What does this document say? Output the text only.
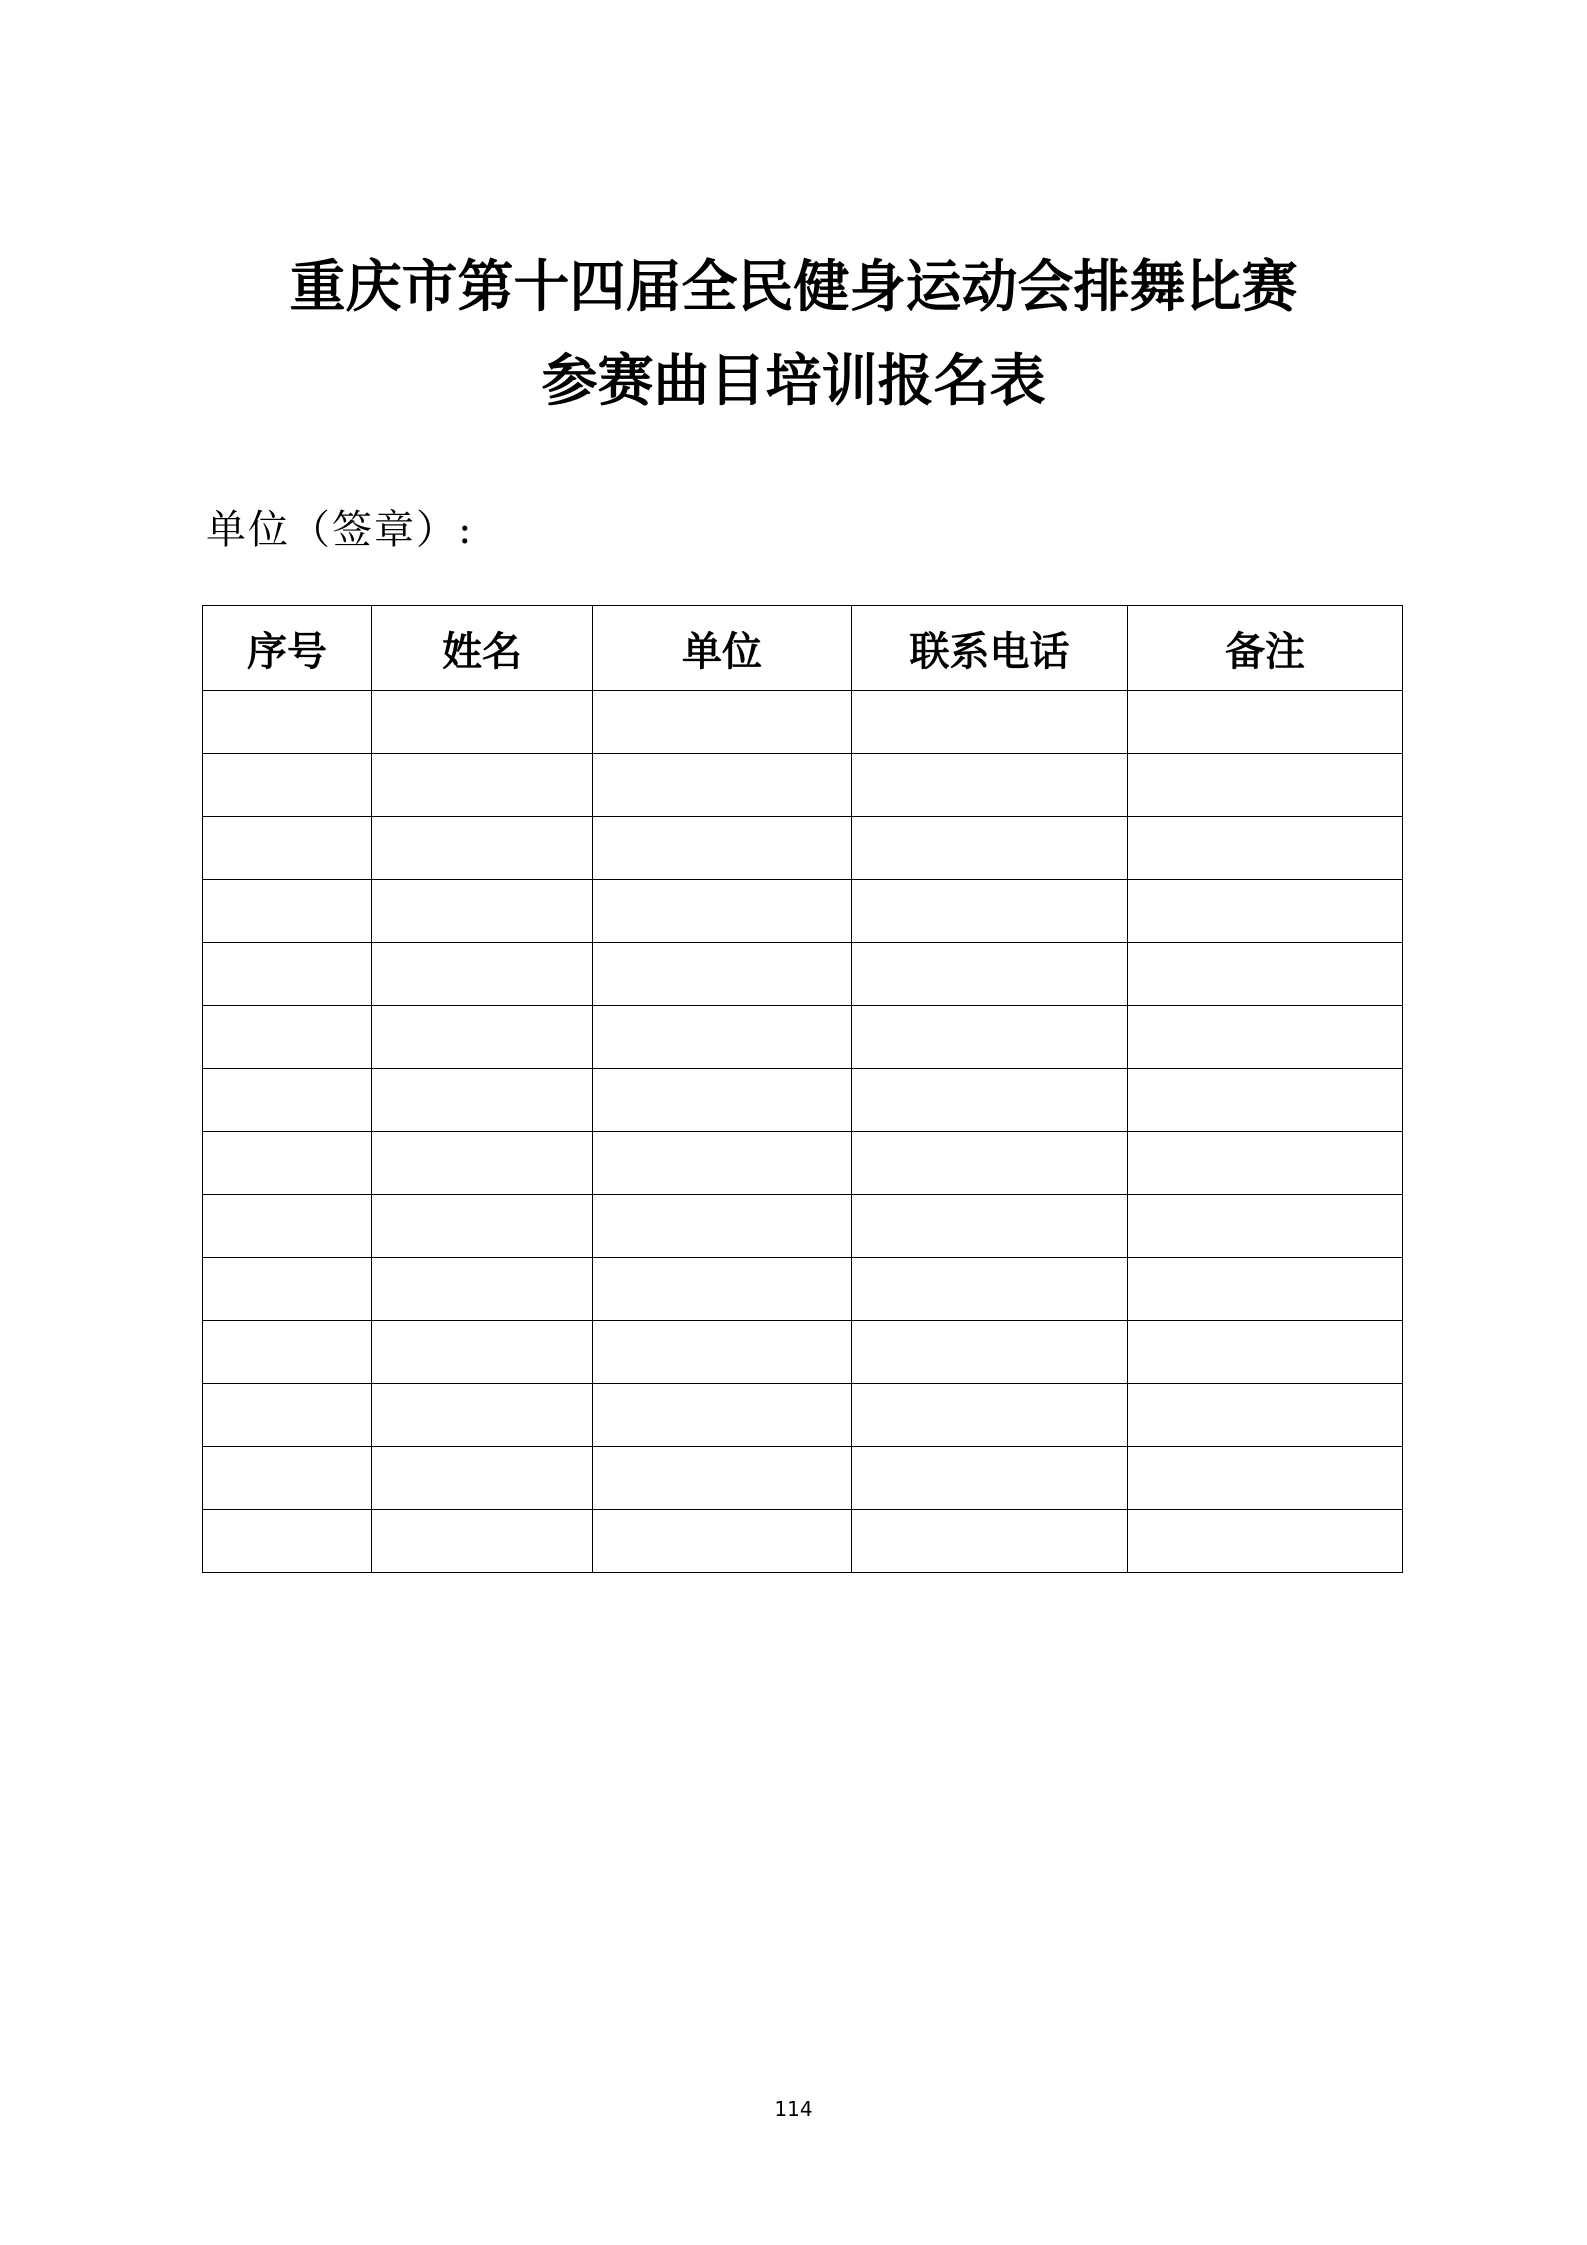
重庆市第十四届全民健身运动会排舞比赛
参赛曲目培训报名表
单位（签章）:
序号	姓名	单位	联系电话	备注

114
